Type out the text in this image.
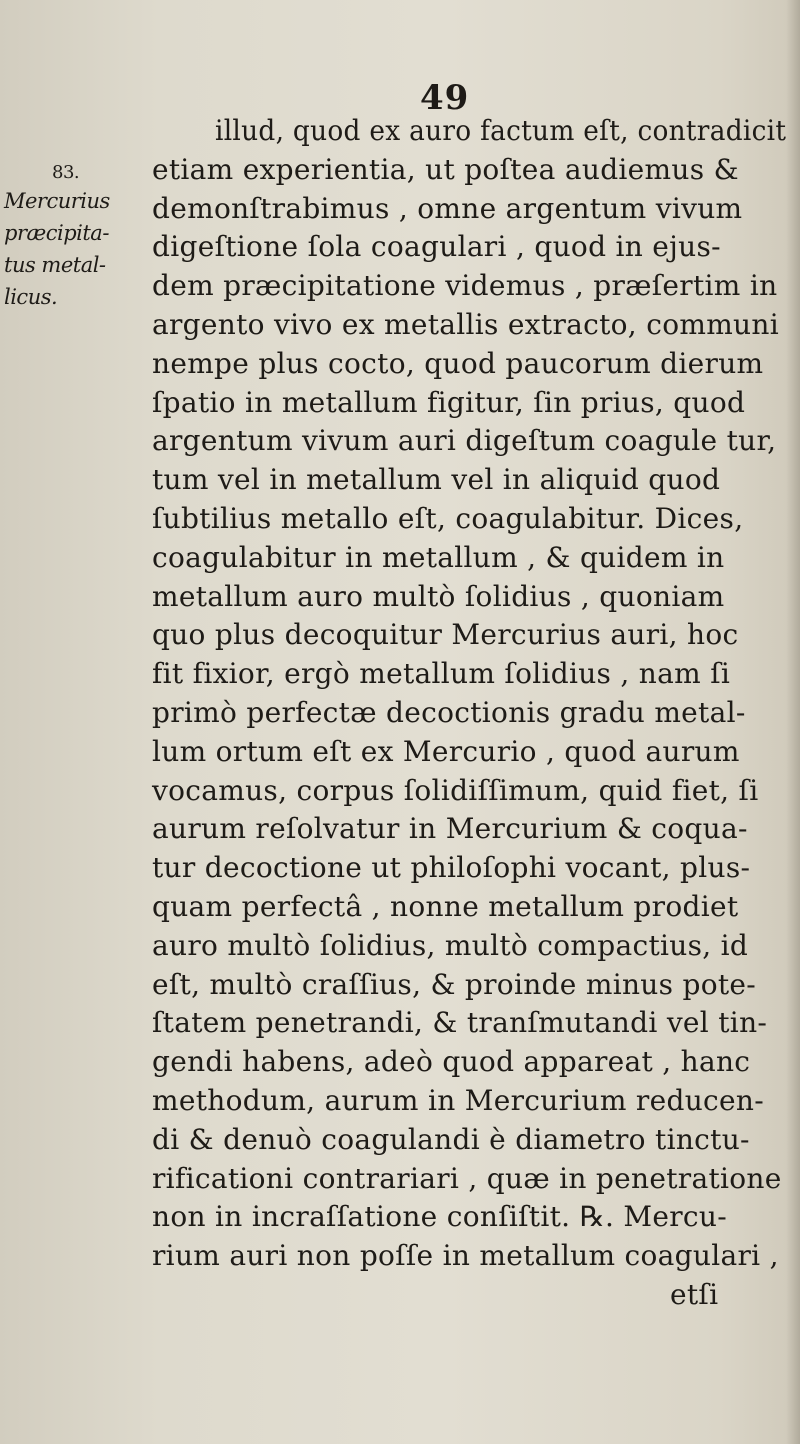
49
83.
Mercurius
præcipita-
tus metal-
licus.
illud, quod ex auro factum eſt, contradicit
etiam experientia, ut poſtea audiemus &
demonſtrabimus , omne argentum vivum
digeſtione ſola coagulari , quod in ejus-
dem præcipitatione videmus , præſertim in
argento vivo ex metallis extracto, communi
nempe plus cocto, quod paucorum dierum
ſpatio in metallum figitur, ſin prius, quod
argentum vivum auri digeſtum coagule tur,
tum vel in metallum vel in aliquid quod
ſubtilius metallo eſt, coagulabitur. Dices,
coagulabitur in metallum , & quidem in
metallum auro multò ſolidius , quoniam
quo plus decoquitur Mercurius auri, hoc
fit fixior, ergò metallum ſolidius , nam ſi
primò perfectæ decoctionis gradu metal-
lum ortum eſt ex Mercurio , quod aurum
vocamus, corpus ſolidiſſimum, quid fiet, ſi
aurum reſolvatur in Mercurium & coqua-
tur decoctione ut philoſophi vocant, plus-
quam perfectâ , nonne metallum prodiet
auro multò ſolidius, multò compactius, id
eſt, multò craſſius, & proinde minus pote-
ſtatem penetrandi, & tranſmutandi vel tin-
gendi habens, adeò quod appareat , hanc
methodum, aurum in Mercurium reducen-
di & denuò coagulandi è diametro tinctu-
rificationi contrariari , quæ in penetratione
non in incraſſatione conſiſtit. ℞. Mercu-
rium auri non poſſe in metallum coagulari ,
etſi
